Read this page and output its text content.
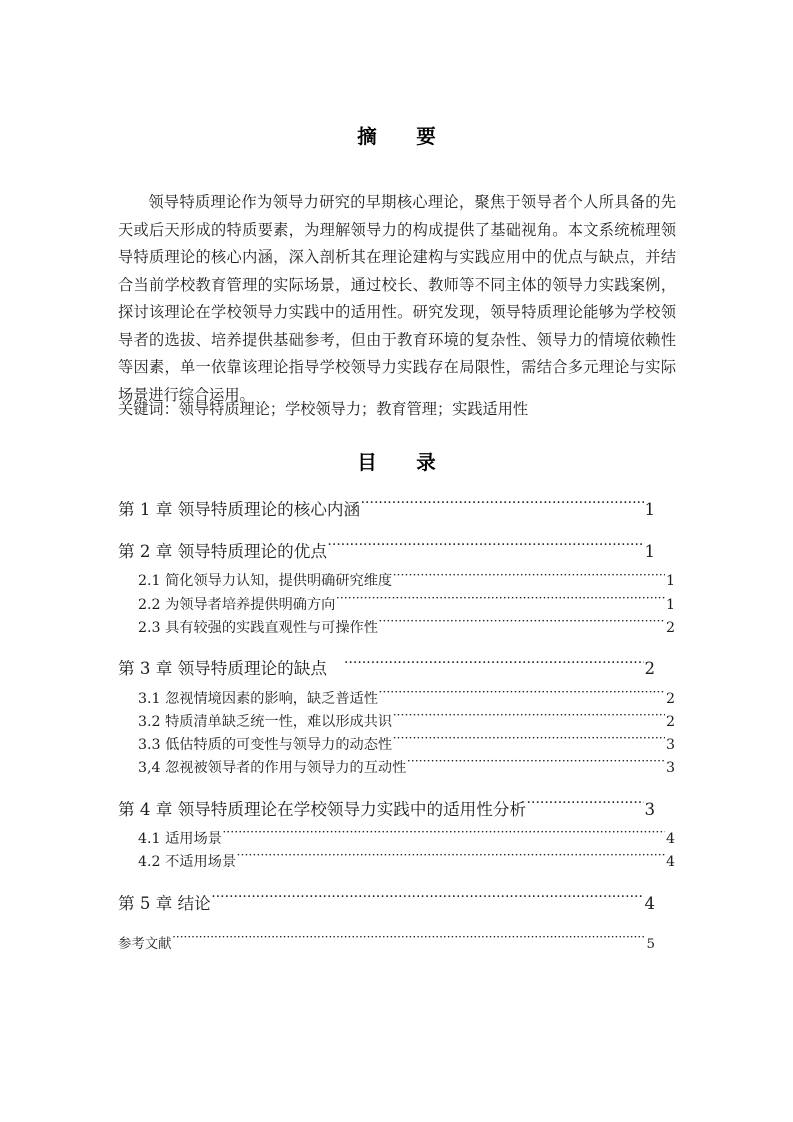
摘　要

领导特质理论作为领导力研究的早期核心理论，聚焦于领导者个人所具备的先天或后天形成的特质要素，为理解领导力的构成提供了基础视角。本文系统梳理领导特质理论的核心内涵，深入剖析其在理论建构与实践应用中的优点与缺点，并结合当前学校教育管理的实际场景，通过校长、教师等不同主体的领导力实践案例，探讨该理论在学校领导力实践中的适用性。研究发现，领导特质理论能够为学校领导者的选拔、培养提供基础参考，但由于教育环境的复杂性、领导力的情境依赖性等因素，单一依靠该理论指导学校领导力实践存在局限性，需结合多元理论与实际场景进行综合运用。

关键词：领导特质理论；学校领导力；教育管理；实践适用性

目　录
第 1 章 领导特质理论的核心内涵 ·····	1
第 2 章 领导特质理论的优点 ·····	1
2.1 简化领导力认知，提供明确研究维度 ·····	1
2.2 为领导者培养提供明确方向 ·····	1
2.3 具有较强的实践直观性与可操作性 ·····	2
第 3 章 领导特质理论的缺点　 ·····	2
3.1 忽视情境因素的影响，缺乏普适性 ·····	2
3.2 特质清单缺乏统一性，难以形成共识 ·····	2
3.3 低估特质的可变性与领导力的动态性 ·····	3
3,4 忽视被领导者的作用与领导力的互动性 ·····	3
第 4 章 领导特质理论在学校领导力实践中的适用性分析 ·····	3
4.1 适用场景 ·····	4
4.2 不适用场景 ·····	4
第 5 章 结论 ·····	4
参考文献 ·····	5
